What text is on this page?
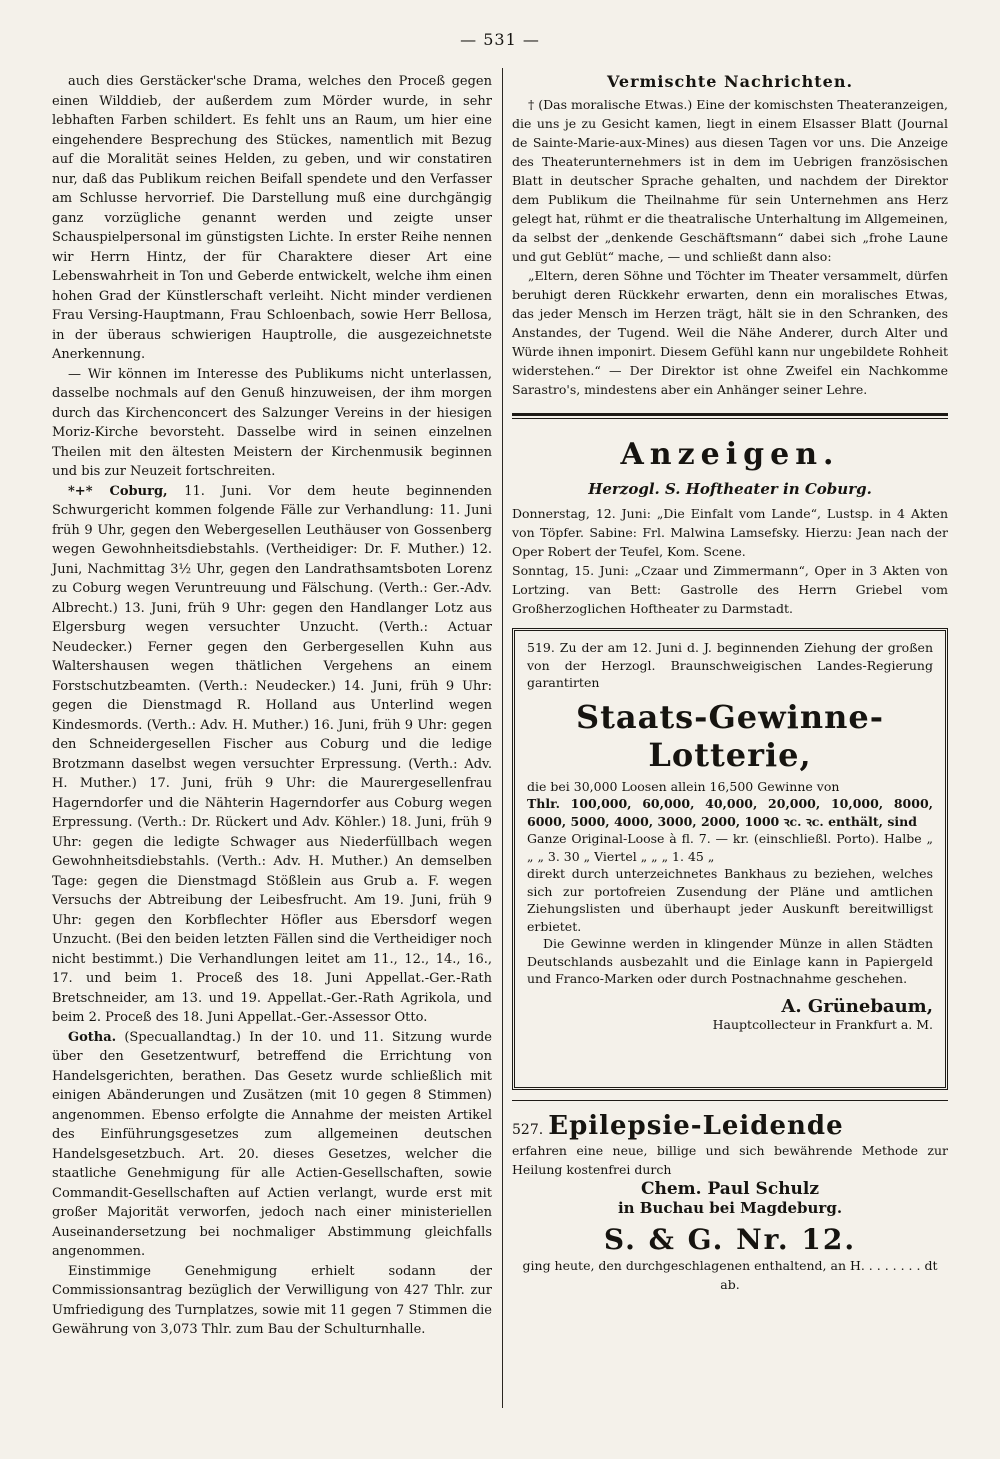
— 531 —

auch dies Gerstäcker'sche Drama, welches den Proceß gegen einen Wilddieb, der außerdem zum Mörder wurde, in sehr lebhaften Farben schildert. Es fehlt uns an Raum, um hier eine eingehendere Besprechung des Stückes, namentlich mit Bezug auf die Moralität seines Helden, zu geben, und wir constatiren nur, daß das Publikum reichen Beifall spendete und den Verfasser am Schlusse hervorrief. Die Darstellung muß eine durchgängig ganz vorzügliche genannt werden und zeigte unser Schauspielpersonal im günstigsten Lichte. In erster Reihe nennen wir Herrn Hintz, der für Charaktere dieser Art eine Lebenswahrheit in Ton und Geberde entwickelt, welche ihm einen hohen Grad der Künstlerschaft verleiht. Nicht minder verdienen Frau Versing-Hauptmann, Frau Schloenbach, sowie Herr Bellosa, in der überaus schwierigen Hauptrolle, die ausgezeichnetste Anerkennung.

— Wir können im Interesse des Publikums nicht unterlassen, dasselbe nochmals auf den Genuß hinzuweisen, der ihm morgen durch das Kirchenconcert des Salzunger Vereins in der hiesigen Moriz-Kirche bevorsteht. Dasselbe wird in seinen einzelnen Theilen mit den ältesten Meistern der Kirchenmusik beginnen und bis zur Neuzeit fortschreiten.

*+* Coburg, 11. Juni. Vor dem heute beginnenden Schwurgericht kommen folgende Fälle zur Verhandlung: 11. Juni früh 9 Uhr, gegen den Webergesellen Leuthäuser von Gossenberg wegen Gewohnheitsdiebstahls. (Vertheidiger: Dr. F. Muther.) 12. Juni, Nachmittag 3½ Uhr, gegen den Landrathsamtsboten Lorenz zu Coburg wegen Veruntreuung und Fälschung. (Verth.: Ger.-Adv. Albrecht.) 13. Juni, früh 9 Uhr: gegen den Handlanger Lotz aus Elgersburg wegen versuchter Unzucht. (Verth.: Actuar Neudecker.) Ferner gegen den Gerbergesellen Kuhn aus Waltershausen wegen thätlichen Vergehens an einem Forstschutzbeamten. (Verth.: Neudecker.) 14. Juni, früh 9 Uhr: gegen die Dienstmagd R. Holland aus Unterlind wegen Kindesmords. (Verth.: Adv. H. Muther.) 16. Juni, früh 9 Uhr: gegen den Schneidergesellen Fischer aus Coburg und die ledige Brotzmann daselbst wegen versuchter Erpressung. (Verth.: Adv. H. Muther.) 17. Juni, früh 9 Uhr: die Maurergesellenfrau Hagerndorfer und die Nähterin Hagerndorfer aus Coburg wegen Erpressung. (Verth.: Dr. Rückert und Adv. Köhler.) 18. Juni, früh 9 Uhr: gegen die ledigte Schwager aus Niederfüllbach wegen Gewohnheitsdiebstahls. (Verth.: Adv. H. Muther.) An demselben Tage: gegen die Dienstmagd Stößlein aus Grub a. F. wegen Versuchs der Abtreibung der Leibesfrucht. Am 19. Juni, früh 9 Uhr: gegen den Korbflechter Höfler aus Ebersdorf wegen Unzucht. (Bei den beiden letzten Fällen sind die Vertheidiger noch nicht bestimmt.) Die Verhandlungen leitet am 11., 12., 14., 16., 17. und beim 1. Proceß des 18. Juni Appellat.-Ger.-Rath Bretschneider, am 13. und 19. Appellat.-Ger.-Rath Agrikola, und beim 2. Proceß des 18. Juni Appellat.-Ger.-Assessor Otto.

Gotha. (Specuallandtag.) In der 10. und 11. Sitzung wurde über den Gesetzentwurf, betreffend die Errichtung von Handelsgerichten, berathen. Das Gesetz wurde schließlich mit einigen Abänderungen und Zusätzen (mit 10 gegen 8 Stimmen) angenommen. Ebenso erfolgte die Annahme der meisten Artikel des Einführungsgesetzes zum allgemeinen deutschen Handelsgesetzbuch. Art. 20. dieses Gesetzes, welcher die staatliche Genehmigung für alle Actien-Gesellschaften, sowie Commandit-Gesellschaften auf Actien verlangt, wurde erst mit großer Majorität verworfen, jedoch nach einer ministeriellen Auseinandersetzung bei nochmaliger Abstimmung gleichfalls angenommen.

Einstimmige Genehmigung erhielt sodann der Commissionsantrag bezüglich der Verwilligung von 427 Thlr. zur Umfriedigung des Turnplatzes, sowie mit 11 gegen 7 Stimmen die Gewährung von 3,073 Thlr. zum Bau der Schulturnhalle.

Vermischte Nachrichten.

† (Das moralische Etwas.) Eine der komischsten Theateranzeigen, die uns je zu Gesicht kamen, liegt in einem Elsasser Blatt (Journal de Sainte-Marie-aux-Mines) aus diesen Tagen vor uns. Die Anzeige des Theaterunternehmers ist in dem im Uebrigen französischen Blatt in deutscher Sprache gehalten, und nachdem der Direktor dem Publikum die Theilnahme für sein Unternehmen ans Herz gelegt hat, rühmt er die theatralische Unterhaltung im Allgemeinen, da selbst der „denkende Geschäftsmann“ dabei sich „frohe Laune und gut Geblüt“ mache, — und schließt dann also:

„Eltern, deren Söhne und Töchter im Theater versammelt, dürfen beruhigt deren Rückkehr erwarten, denn ein moralisches Etwas, das jeder Mensch im Herzen trägt, hält sie in den Schranken, des Anstandes, der Tugend. Weil die Nähe Anderer, durch Alter und Würde ihnen imponirt. Diesem Gefühl kann nur ungebildete Rohheit widerstehen.“ — Der Direktor ist ohne Zweifel ein Nachkomme Sarastro's, mindestens aber ein Anhänger seiner Lehre.

Anzeigen.
Herzogl. S. Hoftheater in Coburg.

Donnerstag, 12. Juni: „Die Einfalt vom Lande“, Lustsp. in 4 Akten von Töpfer. Sabine: Frl. Malwina Lamsefsky. Hierzu: Jean nach der Oper Robert der Teufel, Kom. Scene.

Sonntag, 15. Juni: „Czaar und Zimmermann“, Oper in 3 Akten von Lortzing. van Bett: Gastrolle des Herrn Griebel vom Großherzoglichen Hoftheater zu Darmstadt.

519. Zu der am 12. Juni d. J. beginnenden Ziehung der großen von der Herzogl. Braunschweigischen Landes-Regierung garantirten

Staats-Gewinne-Lotterie,

die bei 30,000 Loosen allein 16,500 Gewinne von

Thlr. 100,000, 60,000, 40,000, 20,000, 10,000, 8000, 6000, 5000, 4000, 3000, 2000, 1000 ꝛc. ꝛc. enthält, sind

Ganze Original-Loose à fl. 7. — kr. (einschließl. Porto). Halbe „ „ „ 3. 30 „ Viertel „ „ „ 1. 45 „

direkt durch unterzeichnetes Bankhaus zu beziehen, welches sich zur portofreien Zusendung der Pläne und amtlichen Ziehungslisten und überhaupt jeder Auskunft bereitwilligst erbietet.

Die Gewinne werden in klingender Münze in allen Städten Deutschlands ausbezahlt und die Einlage kann in Papiergeld und Franco-Marken oder durch Postnachnahme geschehen.

A. Grünebaum,
Hauptcollecteur in Frankfurt a. M.
527. Epilepsie-Leidende

erfahren eine neue, billige und sich bewährende Methode zur Heilung kostenfrei durch

Chem. Paul Schulz
in Buchau bei Magdeburg.
S. & G. Nr. 12.

ging heute, den durchgeschlagenen enthaltend, an H. . . . . . . . dt ab.
